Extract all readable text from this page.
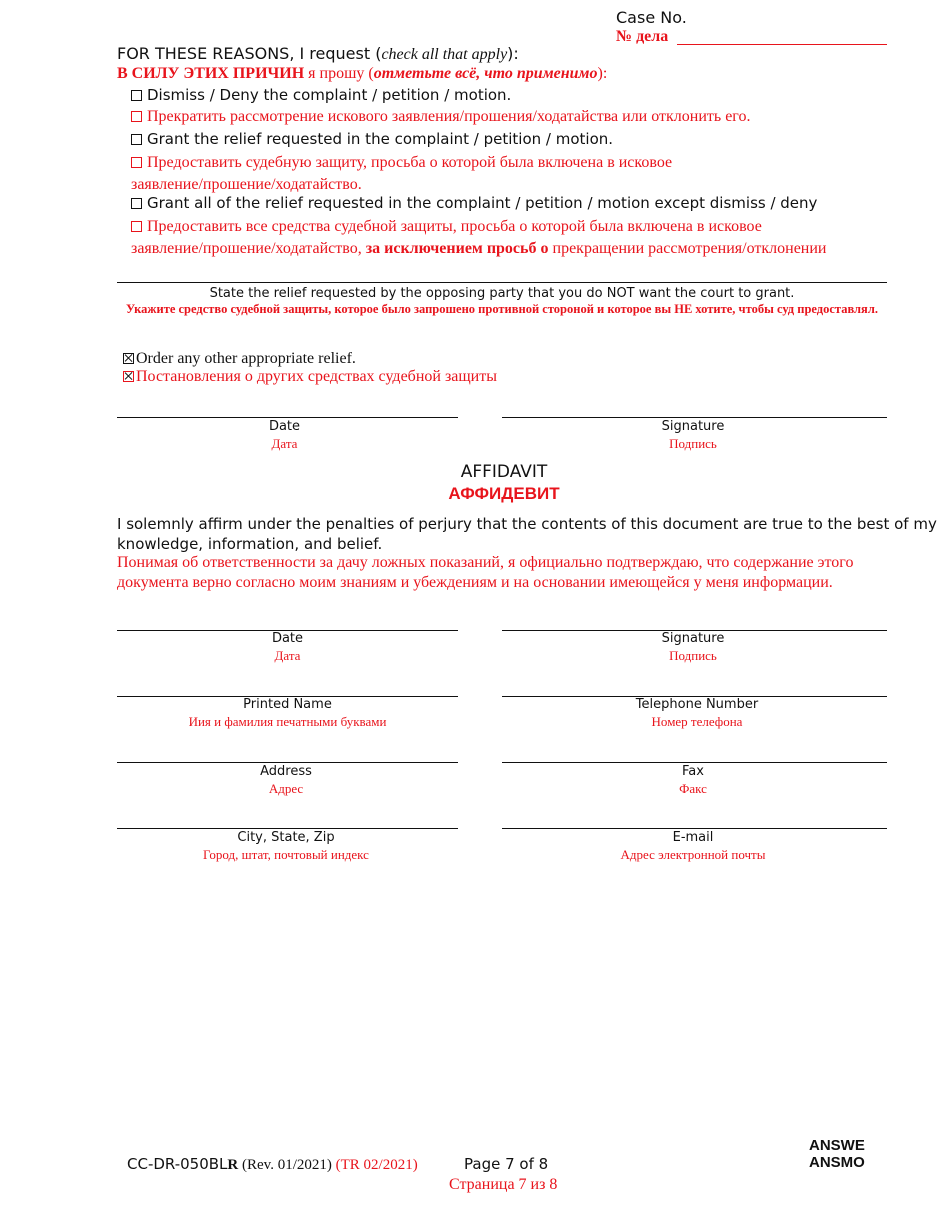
Case No.
№ дела
FOR THESE REASONS, I request (check all that apply):
В СИЛУ ЭТИХ ПРИЧИН я прошу (отметьте всё, что применимо):
Dismiss / Deny the complaint / petition / motion.
Прекратить рассмотрение искового заявления/прошения/ходатайства или отклонить его.
Grant the relief requested in the complaint / petition / motion.
Предоставить судебную защиту, просьба о которой была включена в исковое
заявление/прошение/ходатайство.
Grant all of the relief requested in the complaint / petition / motion except dismiss / deny
Предоставить все средства судебной защиты, просьба о которой была включена в исковое
заявление/прошение/ходатайство, за исключением просьб о прекращении рассмотрения/отклонении
State the relief requested by the opposing party that you do NOT want the court to grant.
Укажите средство судебной защиты, которое было запрошено противной стороной и которое вы НЕ хотите, чтобы суд предоставлял.
Order any other appropriate relief.
Постановления о других средствах судебной защиты
Date
Дата
Signature
Подпись
AFFIDAVIT
АФФИДЕВИТ
I solemnly affirm under the penalties of perjury that the contents of this document are true to the best of my
knowledge, information, and belief.
Понимая об ответственности за дачу ложных показаний, я официально подтверждаю, что содержание этого
документа верно согласно моим знаниям и убеждениям и на основании имеющейся у меня информации.
Date
Дата
Signature
Подпись
Printed Name
Иия и фамилия печатными буквами
Telephone Number
Номер телефона
Address
Адрес
Fax
Факс
City, State, Zip
Город, штат, почтовый индекс
E-mail
Адрес электронной почты
CC-DR-050BLR (Rev. 01/2021) (TR 02/2021)	Page 7 of 8
Страница 7 из 8
ANSWE
ANSMO
